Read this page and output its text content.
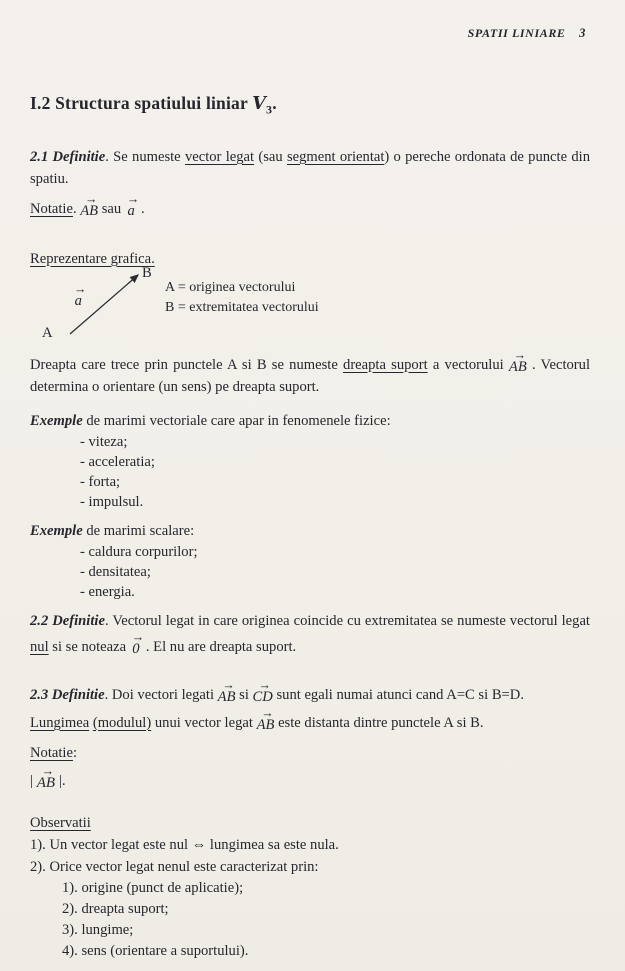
SPATII LINIARE 3
I.2 Structura spatiului liniar $V_3$.

2.1 Definitie. Se numeste vector legat (sau segment orientat) o pereche ordonata de puncte din spatiu.

Notatie.
→
AB sau
→
a .

Reprezentare grafica.

B
A
→
a
A = originea vectorului
B = extremitatea vectorului

Dreapta care trece prin punctele A si B se numeste dreapta suport a vectorului
→
AB . Vectorul determina o orientare (un sens) pe dreapta suport.

Exemple de marimi vectoriale care apar in fenomenele fizice:

- viteza;
- acceleratia;
- forta;
- impulsul.

Exemple de marimi scalare:

- caldura corpurilor;
- densitatea;
- energia.

2.2 Definitie. Vectorul legat in care originea coincide cu extremitatea se numeste vectorul legat nul si se noteaza
→
0 . El nu are dreapta suport.

2.3 Definitie. Doi vectori legati
→
AB si
→
CD sunt egali numai atunci cand A=C si B=D.

Lungimea (modulul) unui vector legat
→
AB este distanta dintre punctele A si B.

Notatie:

|
→
AB |.

Observatii

1). Un vector legat este nul ⇔ lungimea sa este nula.

2). Orice vector legat nenul este caracterizat prin:

1). origine (punct de aplicatie);
2). dreapta suport;
3). lungime;
4). sens (orientare a suportului).
